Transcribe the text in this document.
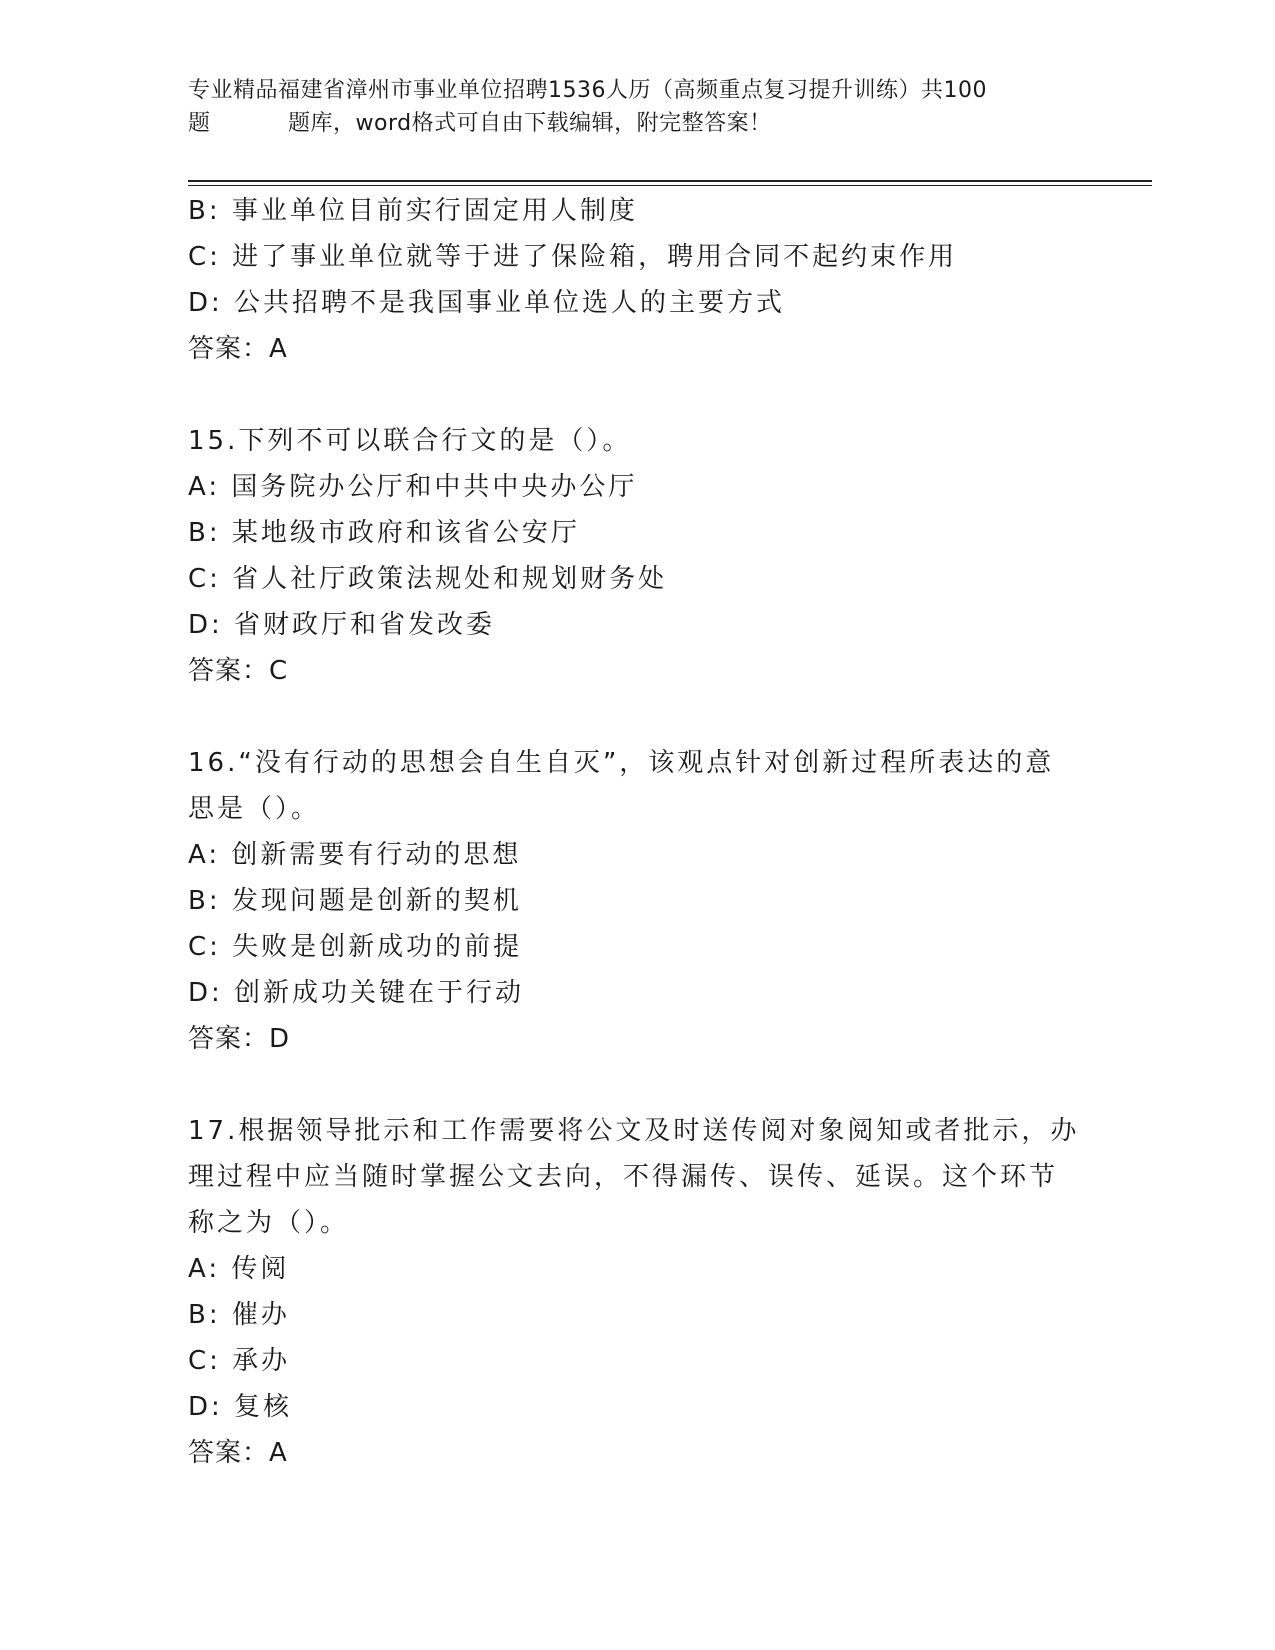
专业精品福建省漳州市事业单位招聘1536人历（高频重点复习提升训练）共100
题	题库，word格式可自由下载编辑，附完整答案！
B: 事业单位目前实行固定用人制度
C: 进了事业单位就等于进了保险箱，聘用合同不起约束作用
D: 公共招聘不是我国事业单位选人的主要方式
答案：A
15.下列不可以联合行文的是（）。
A: 国务院办公厅和中共中央办公厅
B: 某地级市政府和该省公安厅
C: 省人社厅政策法规处和规划财务处
D: 省财政厅和省发改委
答案：C
16.“没有行动的思想会自生自灭”，该观点针对创新过程所表达的意
思是（）。
A: 创新需要有行动的思想
B: 发现问题是创新的契机
C: 失败是创新成功的前提
D: 创新成功关键在于行动
答案：D
17.根据领导批示和工作需要将公文及时送传阅对象阅知或者批示，办
理过程中应当随时掌握公文去向，不得漏传、误传、延误。这个环节
称之为（）。
A: 传阅
B: 催办
C: 承办
D: 复核
答案：A
